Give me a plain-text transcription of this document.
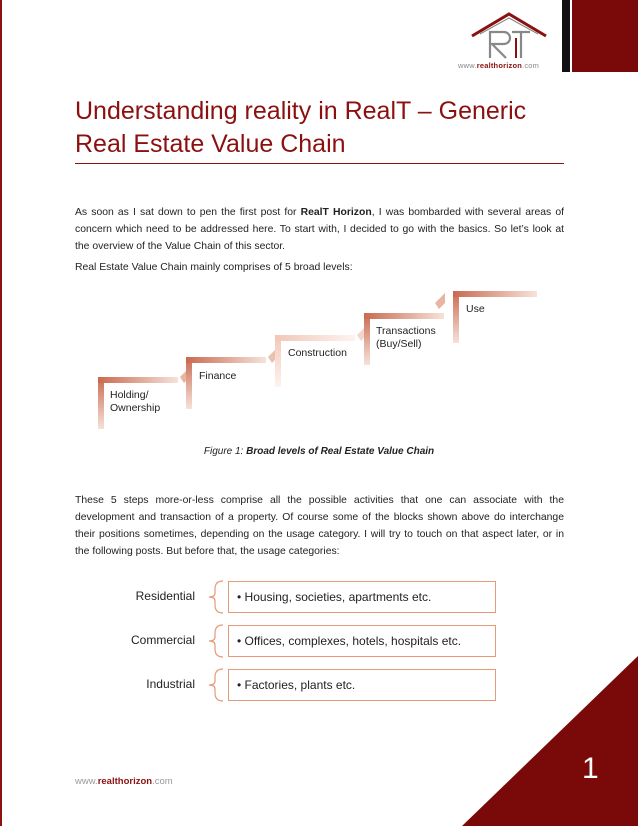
www.realthorizon.com
Understanding reality in RealT – Generic
Real Estate Value Chain
As soon as I sat down to pen the first post for RealT Horizon, I was bombarded with several areas of concern which need to be addressed here. To start with, I decided to go with the basics. So let’s look at the overview of the Value Chain of this sector.
Real Estate Value Chain mainly comprises of 5 broad levels:
Holding/
Ownership
Finance
Construction
Transactions
(Buy/Sell)
Use
Figure 1: Broad levels of Real Estate Value Chain
These 5 steps more-or-less comprise all the possible activities that one can associate with the development and transaction of a property. Of course some of the blocks shown above do interchange their positions sometimes, depending on the usage category. I will try to touch on that aspect later, or in the following posts. But before that, the usage categories:
Residential	• Housing, societies, apartments etc.
Commercial	• Offices, complexes, hotels, hospitals etc.
Industrial	• Factories, plants etc.
www.realthorizon.com	1
